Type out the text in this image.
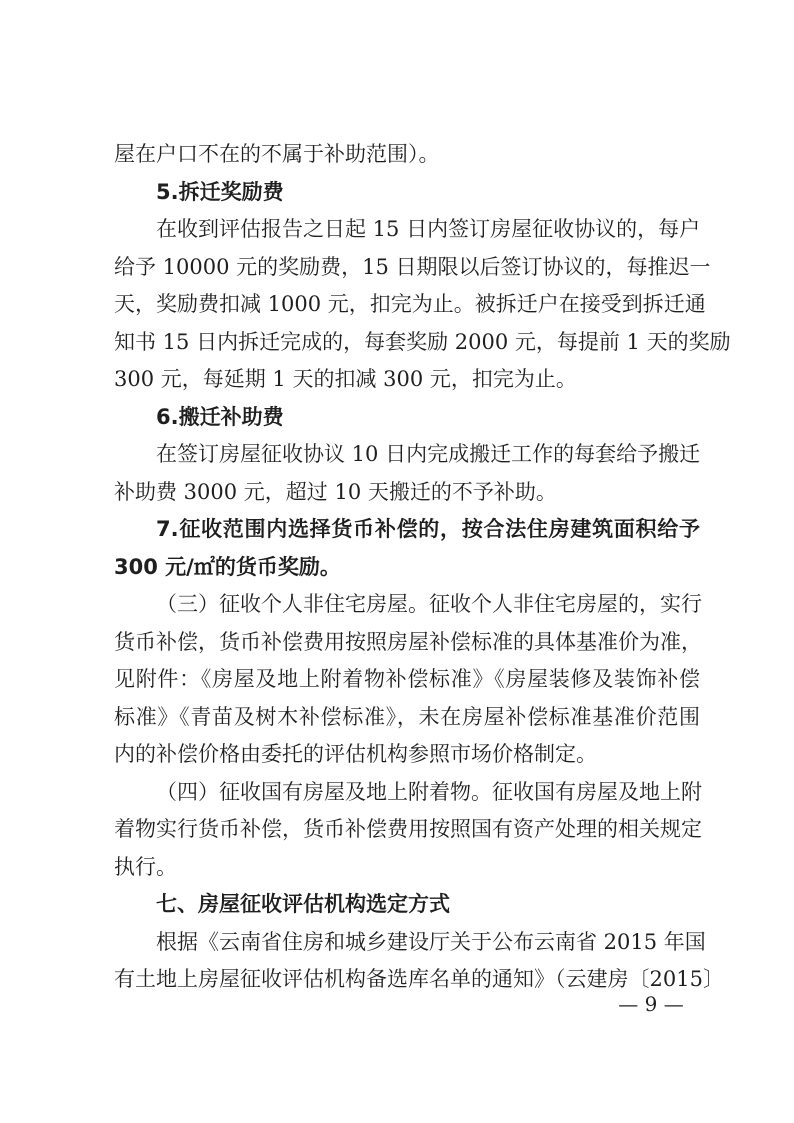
屋在户口不在的不属于补助范围）。
5.拆迁奖励费
在收到评估报告之日起 15 日内签订房屋征收协议的，每户
给予 10000 元的奖励费，15 日期限以后签订协议的，每推迟一
天，奖励费扣减 1000 元，扣完为止。被拆迁户在接受到拆迁通
知书 15 日内拆迁完成的，每套奖励 2000 元，每提前 1 天的奖励
300 元，每延期 1 天的扣减 300 元，扣完为止。
6.搬迁补助费
在签订房屋征收协议 10 日内完成搬迁工作的每套给予搬迁
补助费 3000 元，超过 10 天搬迁的不予补助。
7.征收范围内选择货币补偿的，按合法住房建筑面积给予
300 元/㎡的货币奖励。
（三）征收个人非住宅房屋。征收个人非住宅房屋的，实行
货币补偿，货币补偿费用按照房屋补偿标准的具体基准价为准，
见附件：《房屋及地上附着物补偿标准》《房屋装修及装饰补偿
标准》《青苗及树木补偿标准》，未在房屋补偿标准基准价范围
内的补偿价格由委托的评估机构参照市场价格制定。
（四）征收国有房屋及地上附着物。征收国有房屋及地上附
着物实行货币补偿，货币补偿费用按照国有资产处理的相关规定
执行。
七、房屋征收评估机构选定方式
根据《云南省住房和城乡建设厅关于公布云南省 2015 年国
有土地上房屋征收评估机构备选库名单的通知》（云建房〔2015〕
— 9 —
